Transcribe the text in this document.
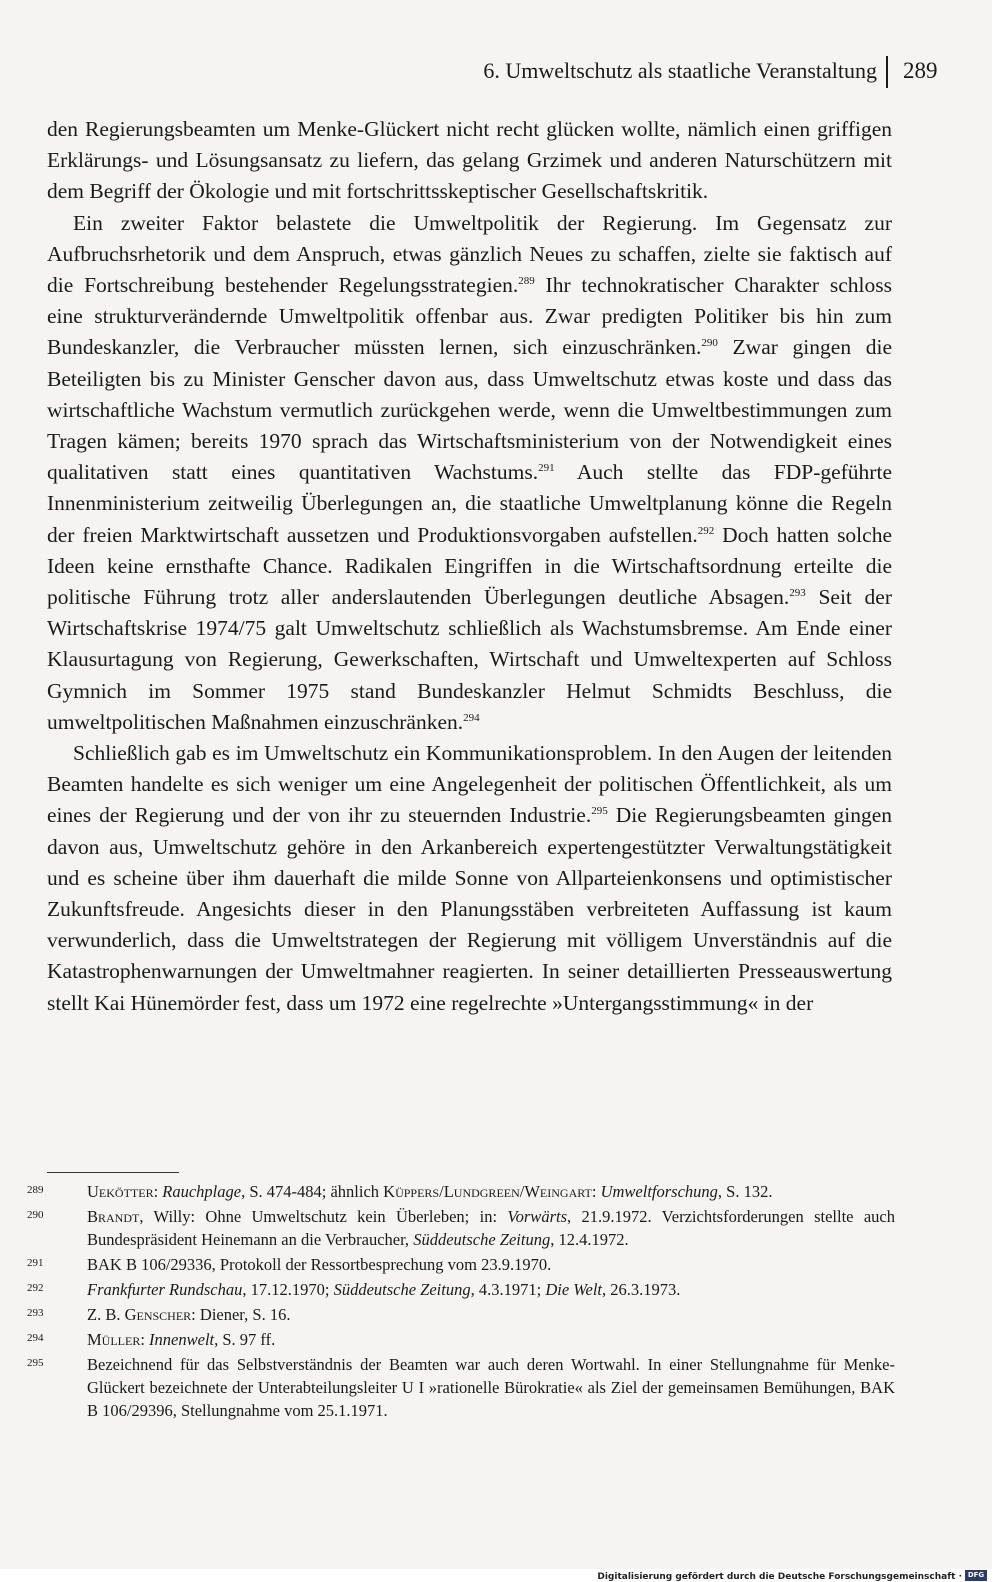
6. Umweltschutz als staatliche Veranstaltung 289

den Regierungsbeamten um Menke-Glückert nicht recht glücken wollte, nämlich einen griffigen Erklärungs- und Lösungsansatz zu liefern, das gelang Grzimek und anderen Naturschützern mit dem Begriff der Ökologie und mit fortschrittsskeptischer Gesellschaftskritik.

Ein zweiter Faktor belastete die Umweltpolitik der Regierung. Im Gegensatz zur Aufbruchsrhetorik und dem Anspruch, etwas gänzlich Neues zu schaffen, zielte sie faktisch auf die Fortschreibung bestehender Regelungsstrategien.$^{289}$ Ihr technokratischer Charakter schloss eine strukturverändernde Umweltpolitik offenbar aus. Zwar predigten Politiker bis hin zum Bundeskanzler, die Verbraucher müssten lernen, sich einzuschränken.$^{290}$ Zwar gingen die Beteiligten bis zu Minister Genscher davon aus, dass Umweltschutz etwas koste und dass das wirtschaftliche Wachstum vermutlich zurückgehen werde, wenn die Umweltbestimmungen zum Tragen kämen; bereits 1970 sprach das Wirtschaftsministerium von der Notwendigkeit eines qualitativen statt eines quantitativen Wachstums.$^{291}$ Auch stellte das FDP-geführte Innenministerium zeitweilig Überlegungen an, die staatliche Umweltplanung könne die Regeln der freien Marktwirtschaft aussetzen und Produktionsvorgaben aufstellen.$^{292}$ Doch hatten solche Ideen keine ernsthafte Chance. Radikalen Eingriffen in die Wirtschaftsordnung erteilte die politische Führung trotz aller anderslautenden Überlegungen deutliche Absagen.$^{293}$ Seit der Wirtschaftskrise 1974/75 galt Umweltschutz schließlich als Wachstumsbremse. Am Ende einer Klausurtagung von Regierung, Gewerkschaften, Wirtschaft und Umweltexperten auf Schloss Gymnich im Sommer 1975 stand Bundeskanzler Helmut Schmidts Beschluss, die umweltpolitischen Maßnahmen einzuschränken.$^{294}$

Schließlich gab es im Umweltschutz ein Kommunikationsproblem. In den Augen der leitenden Beamten handelte es sich weniger um eine Angelegenheit der politischen Öffentlichkeit, als um eines der Regierung und der von ihr zu steuernden Industrie.$^{295}$ Die Regierungsbeamten gingen davon aus, Umweltschutz gehöre in den Arkanbereich expertengestützter Verwaltungstätigkeit und es scheine über ihm dauerhaft die milde Sonne von Allparteienkonsens und optimistischer Zukunftsfreude. Angesichts dieser in den Planungsstäben verbreiteten Auffassung ist kaum verwunderlich, dass die Umweltstrategen der Regierung mit völligem Unverständnis auf die Katastrophenwarnungen der Umweltmahner reagierten. In seiner detaillierten Presseauswertung stellt Kai Hünemörder fest, dass um 1972 eine regelrechte »Untergangsstimmung« in der

289	Uekötter: Rauchplage, S. 474-484; ähnlich Küppers/Lundgreen/Weingart: Umweltforschung, S. 132.
290	Brandt, Willy: Ohne Umweltschutz kein Überleben; in: Vorwärts, 21.9.1972. Verzichtsforderungen stellte auch Bundespräsident Heinemann an die Verbraucher, Süddeutsche Zeitung, 12.4.1972.
291	BAK B 106/29336, Protokoll der Ressortbesprechung vom 23.9.1970.
292	Frankfurter Rundschau, 17.12.1970; Süddeutsche Zeitung, 4.3.1971; Die Welt, 26.3.1973.
293	Z. B. Genscher: Diener, S. 16.
294	Müller: Innenwelt, S. 97 ff.
295	Bezeichnend für das Selbstverständnis der Beamten war auch deren Wortwahl. In einer Stellungnahme für Menke-Glückert bezeichnete der Unterabteilungsleiter U I »rationelle Bürokratie« als Ziel der gemeinsamen Bemühungen, BAK B 106/29396, Stellungnahme vom 25.1.1971.
Digitalisierung gefördert durch die Deutsche Forschungsgemeinschaft · DFG
